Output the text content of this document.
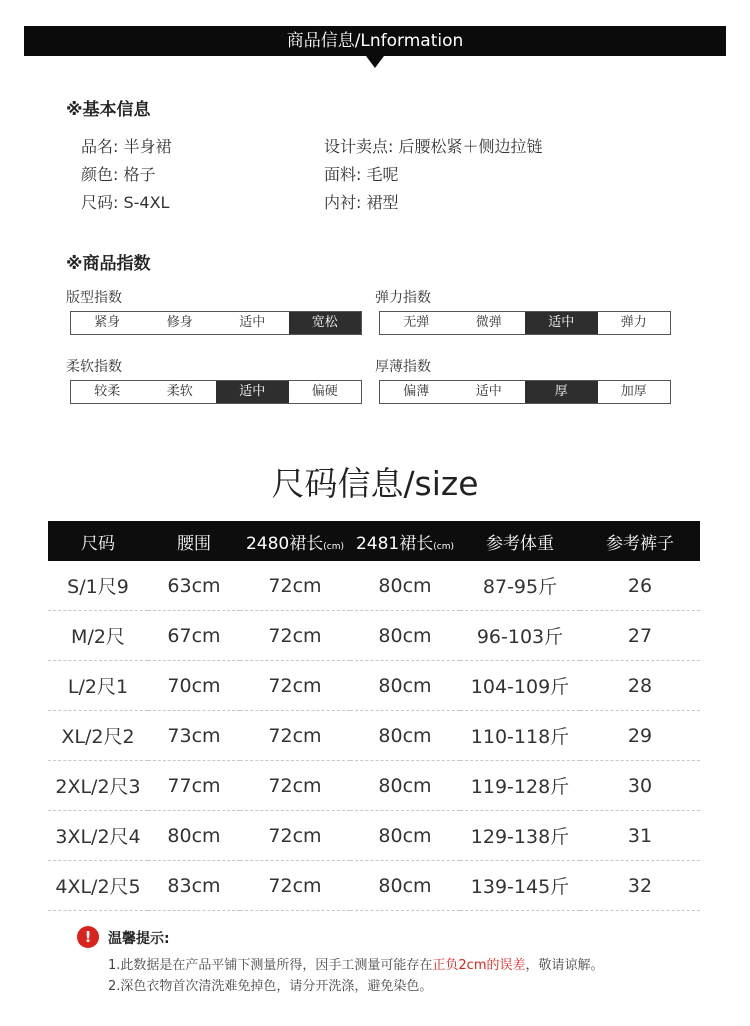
商品信息/Lnformation
※基本信息
品名: 半身裙
颜色: 格子
尺码: S-4XL
设计卖点: 后腰松紧＋侧边拉链
面料: 毛呢
内衬: 裙型
※商品指数
版型指数
紧身	修身	适中	宽松
弹力指数
无弹	微弹	适中	弹力
柔软指数
较柔	柔软	适中	偏硬
厚薄指数
偏薄	适中	厚	加厚
尺码信息/size
尺码	腰围	2480裙长(cm)	2481裙长(cm)	参考体重	参考裤子
S/1尺9	63cm	72cm	80cm	87-95斤	26
M/2尺	67cm	72cm	80cm	96-103斤	27
L/2尺1	70cm	72cm	80cm	104-109斤	28
XL/2尺2	73cm	72cm	80cm	110-118斤	29
2XL/2尺3	77cm	72cm	80cm	119-128斤	30
3XL/2尺4	80cm	72cm	80cm	129-138斤	31
4XL/2尺5	83cm	72cm	80cm	139-145斤	32
!	温馨提示:
1.此数据是在产品平铺下测量所得，因手工测量可能存在正负2cm的误差，敬请谅解。
2.深色衣物首次清洗难免掉色，请分开洗涤，避免染色。
